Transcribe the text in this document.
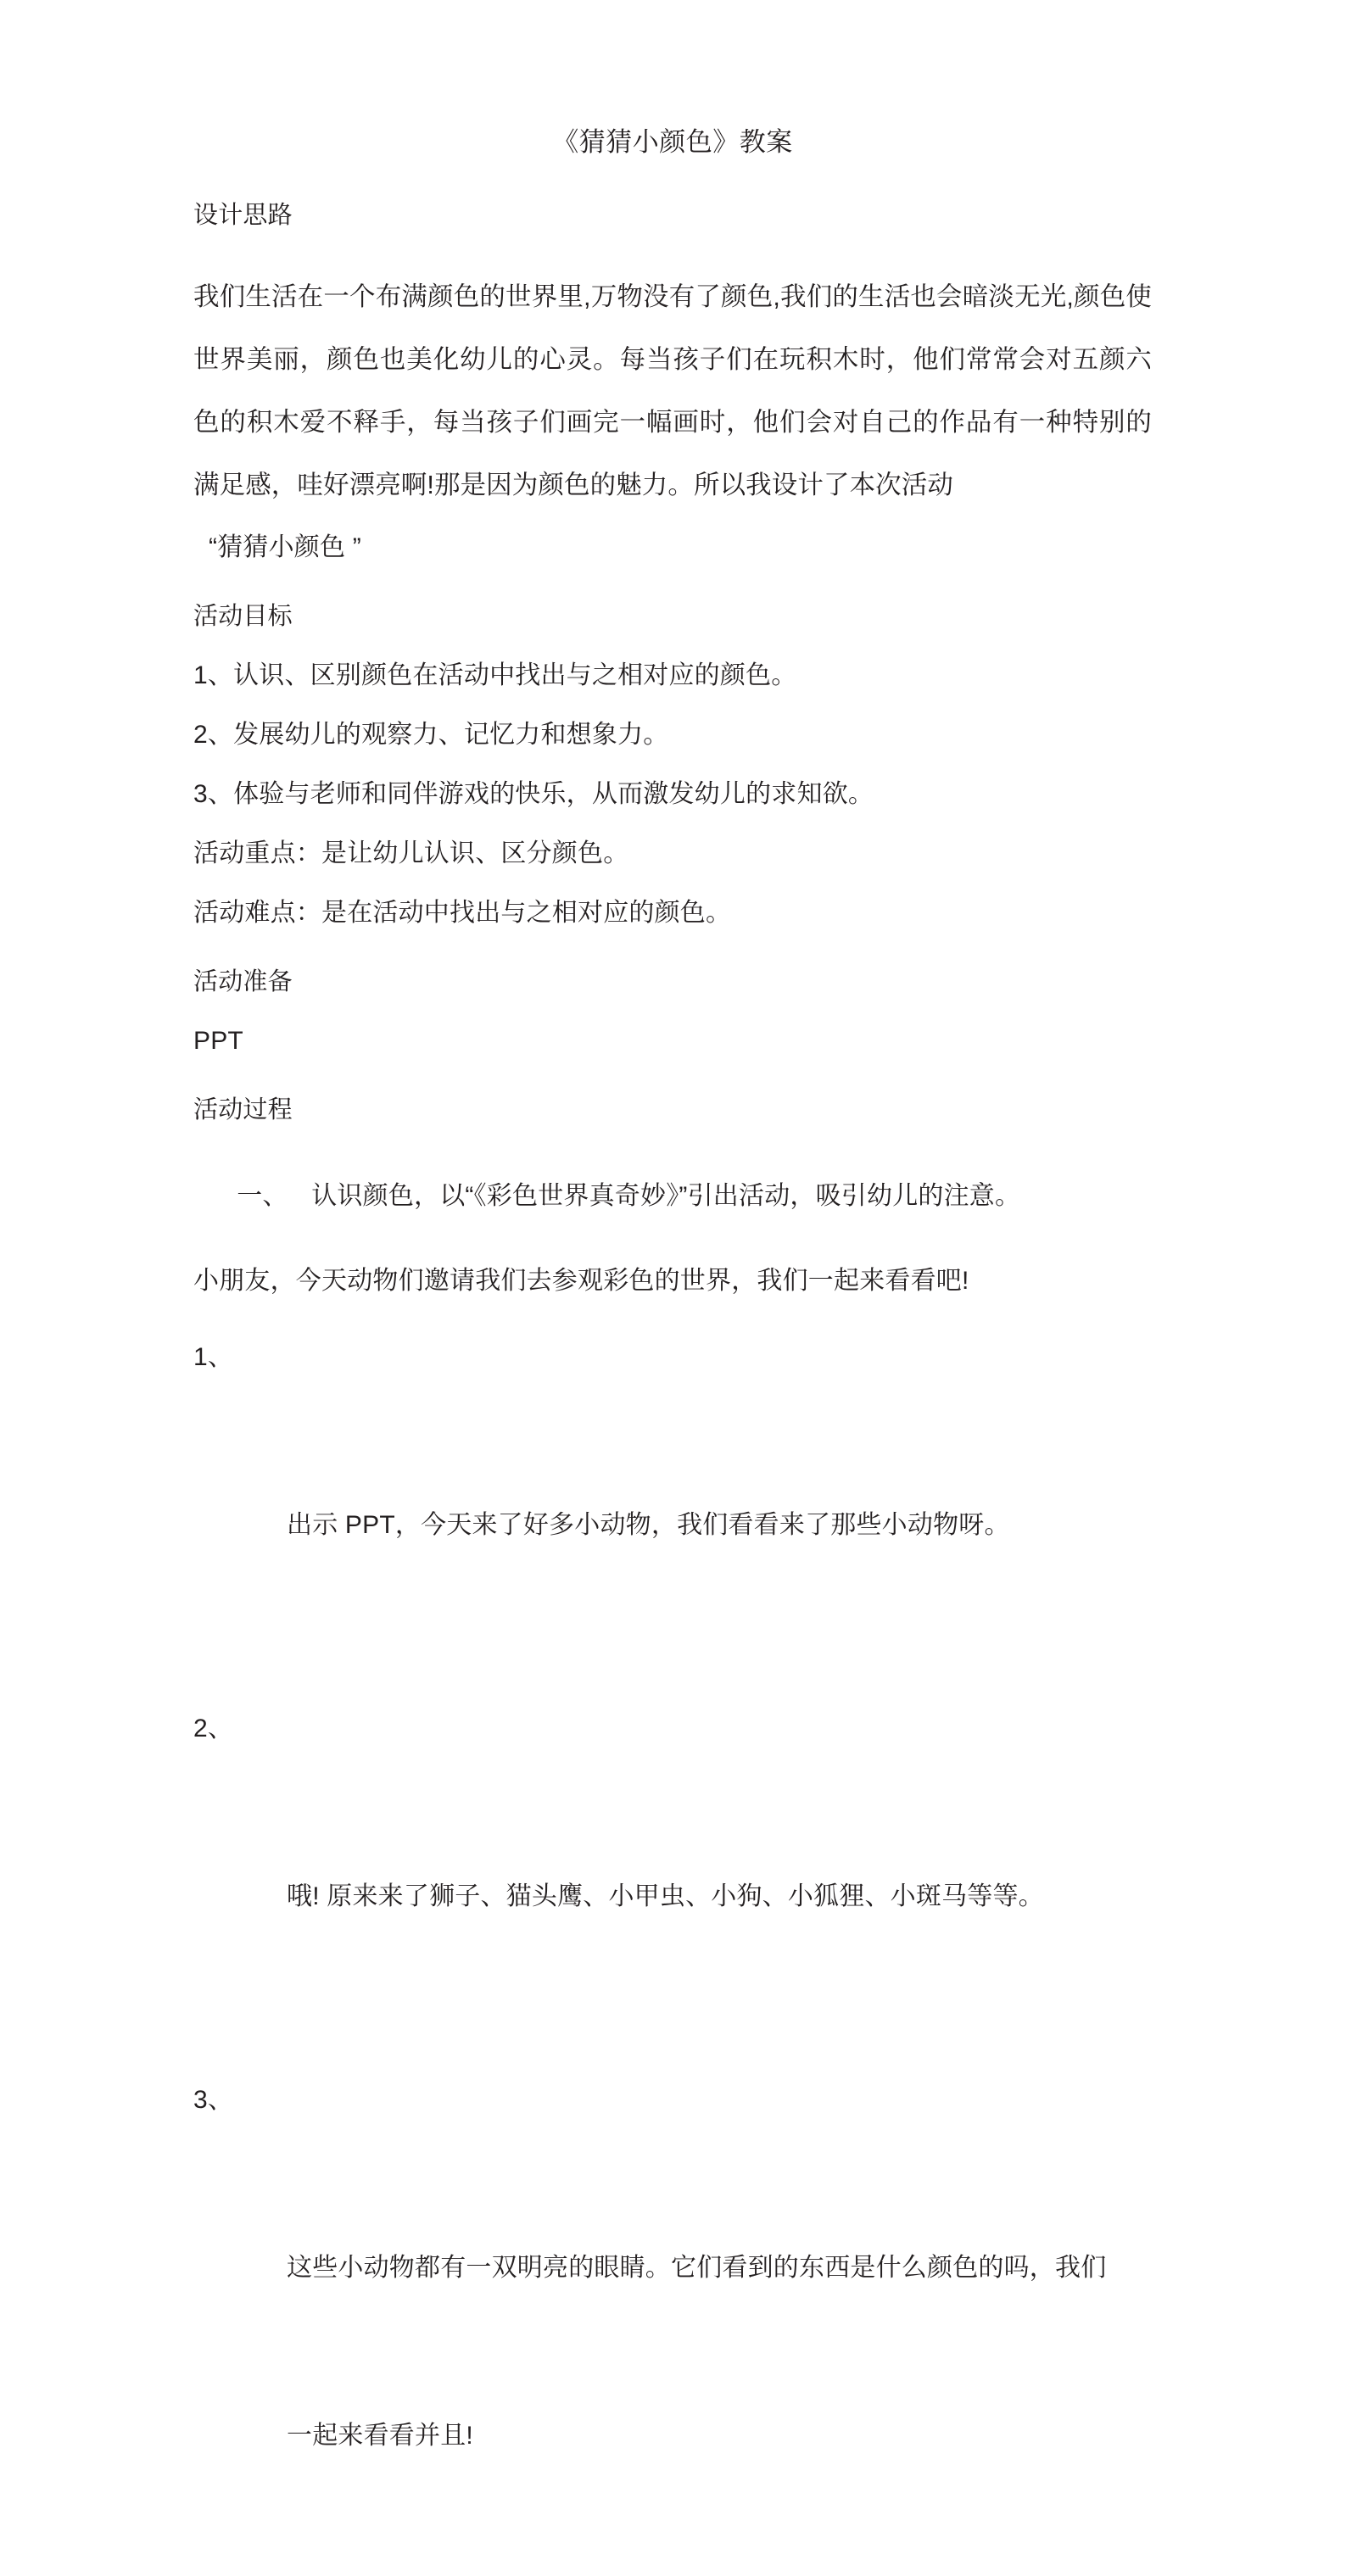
《猜猜小颜色》教案
设计思路
我们生活在一个布满颜色的世界里,万物没有了颜色,我们的生活也会暗淡无光,颜色使世界美丽，颜色也美化幼儿的心灵。每当孩子们在玩积木时，他们常常会对五颜六色的积木爱不释手，每当孩子们画完一幅画时，他们会对自己的作品有一种特别的满足感，哇好漂亮啊!那是因为颜色的魅力。所以我设计了本次活动
“猜猜小颜色 ”
活动目标
1、认识、区别颜色在活动中找出与之相对应的颜色。
2、发展幼儿的观察力、记忆力和想象力。
3、体验与老师和同伴游戏的快乐，从而激发幼儿的求知欲。
活动重点：是让幼儿认识、区分颜色。
活动难点：是在活动中找出与之相对应的颜色。
活动准备
PPT
活动过程

一、 认识颜色，以“《彩色世界真奇妙》”引出活动，吸引幼儿的注意。

小朋友，今天动物们邀请我们去参观彩色的世界，我们一起来看看吧!

1、

出示 PPT，今天来了好多小动物，我们看看来了那些小动物呀。

2、

哦! 原来来了狮子、猫头鹰、小甲虫、小狗、小狐狸、小斑马等等。

3、

这些小动物都有一双明亮的眼睛。它们看到的东西是什么颜色的吗，我们

一起来看看并且!
